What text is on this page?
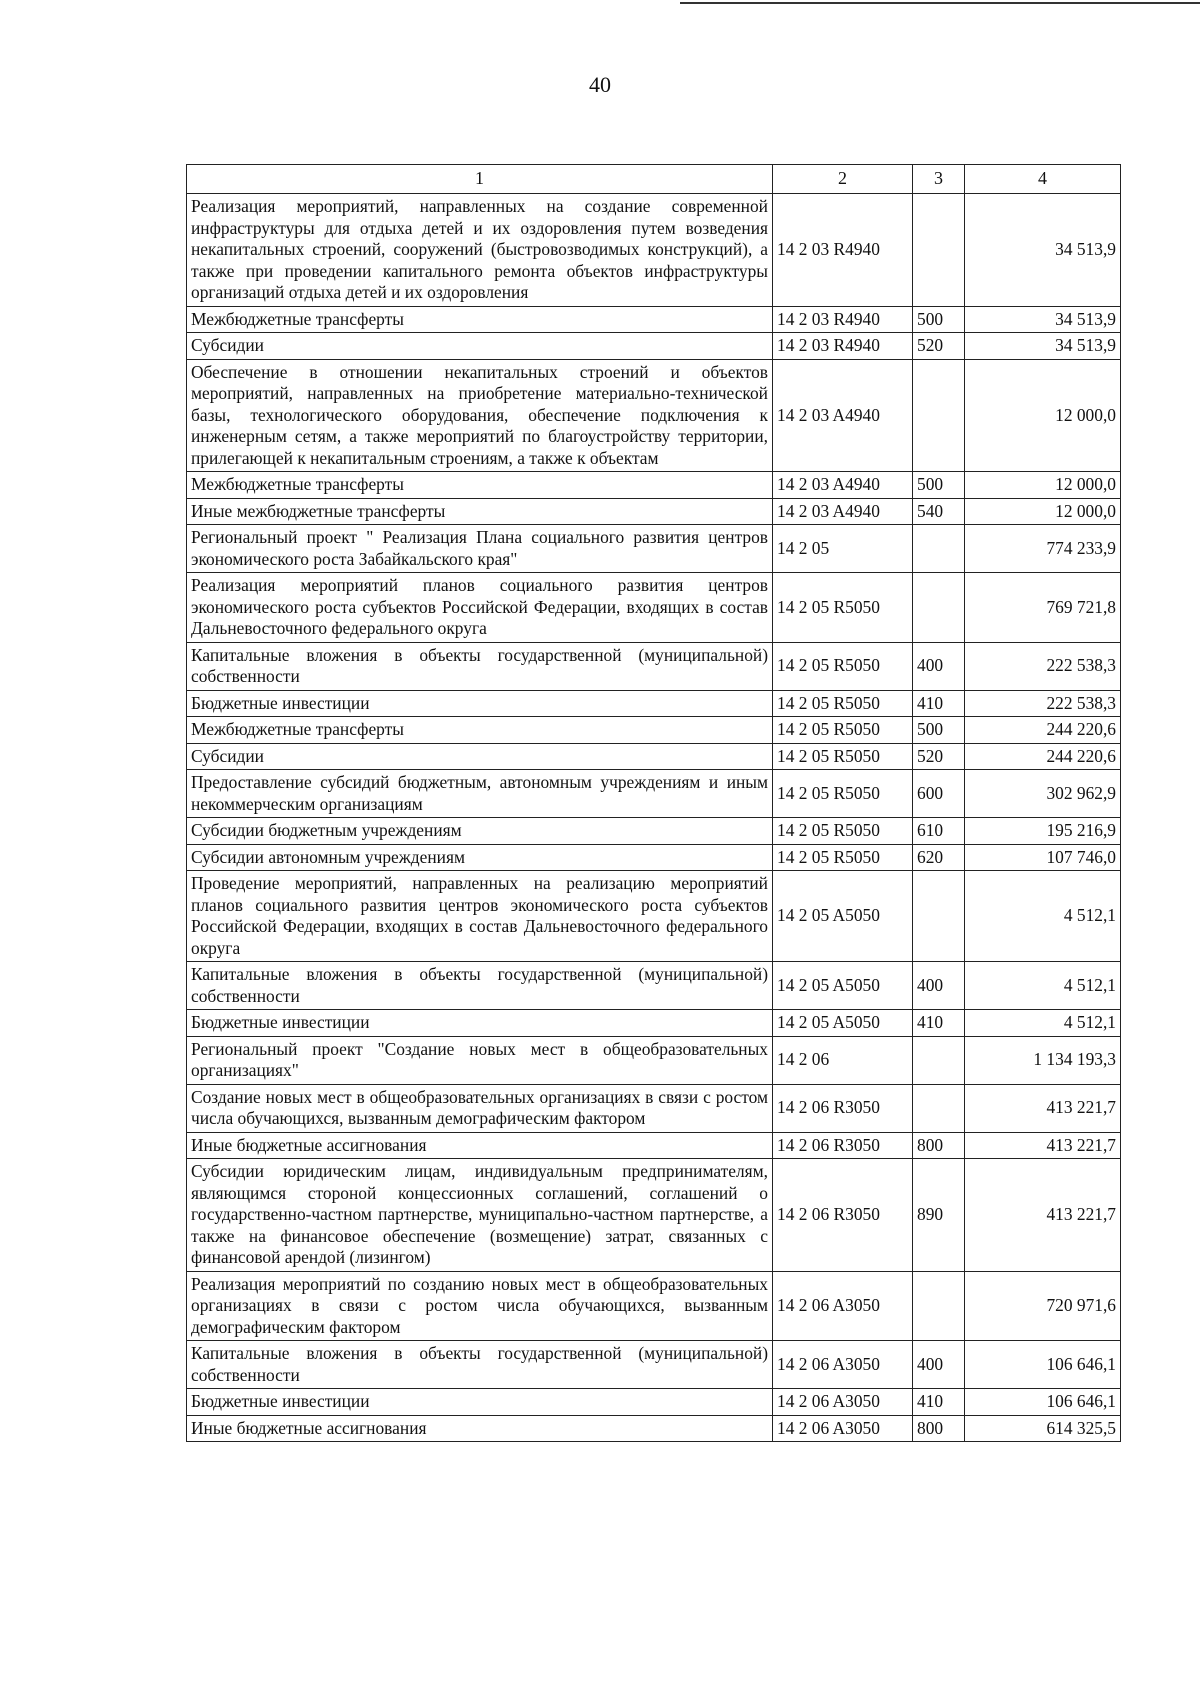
40
1	2	3	4
Реализация мероприятий, направленных на создание современной инфраструктуры для отдыха детей и их оздоровления путем возведения некапитальных строений, сооружений (быстровозводимых конструкций), а также при проведении капитального ремонта объектов инфраструктуры организаций отдыха детей и их оздоровления	14 2 03 R4940		34 513,9
Межбюджетные трансферты	14 2 03 R4940	500	34 513,9
Субсидии	14 2 03 R4940	520	34 513,9
Обеспечение в отношении некапитальных строений и объектов мероприятий, направленных на приобретение материально-технической базы, технологического оборудования, обеспечение подключения к инженерным сетям, а также мероприятий по благоустройству территории, прилегающей к некапитальным строениям, а также к объектам	14 2 03 A4940		12 000,0
Межбюджетные трансферты	14 2 03 A4940	500	12 000,0
Иные межбюджетные трансферты	14 2 03 A4940	540	12 000,0
Региональный проект " Реализация Плана социального развития центров экономического роста Забайкальского края"	14 2 05		774 233,9
Реализация мероприятий планов социального развития центров экономического роста субъектов Российской Федерации, входящих в состав Дальневосточного федерального округа	14 2 05 R5050		769 721,8
Капитальные вложения в объекты государственной (муниципальной) собственности	14 2 05 R5050	400	222 538,3
Бюджетные инвестиции	14 2 05 R5050	410	222 538,3
Межбюджетные трансферты	14 2 05 R5050	500	244 220,6
Субсидии	14 2 05 R5050	520	244 220,6
Предоставление субсидий бюджетным, автономным учреждениям и иным некоммерческим организациям	14 2 05 R5050	600	302 962,9
Субсидии бюджетным учреждениям	14 2 05 R5050	610	195 216,9
Субсидии автономным учреждениям	14 2 05 R5050	620	107 746,0
Проведение мероприятий, направленных на реализацию мероприятий планов социального развития центров экономического роста субъектов Российской Федерации, входящих в состав Дальневосточного федерального округа	14 2 05 A5050		4 512,1
Капитальные вложения в объекты государственной (муниципальной) собственности	14 2 05 A5050	400	4 512,1
Бюджетные инвестиции	14 2 05 A5050	410	4 512,1
Региональный проект "Создание новых мест в общеобразовательных организациях"	14 2 06		1 134 193,3
Создание новых мест в общеобразовательных организациях в связи с ростом числа обучающихся, вызванным демографическим фактором	14 2 06 R3050		413 221,7
Иные бюджетные ассигнования	14 2 06 R3050	800	413 221,7
Субсидии юридическим лицам, индивидуальным предпринимателям, являющимся стороной концессионных соглашений, соглашений о государственно-частном партнерстве, муниципально-частном партнерстве, а также на финансовое обеспечение (возмещение) затрат, связанных с финансовой арендой (лизингом)	14 2 06 R3050	890	413 221,7
Реализация мероприятий по созданию новых мест в общеобразовательных организациях в связи с ростом числа обучающихся, вызванным демографическим фактором	14 2 06 A3050		720 971,6
Капитальные вложения в объекты государственной (муниципальной) собственности	14 2 06 A3050	400	106 646,1
Бюджетные инвестиции	14 2 06 A3050	410	106 646,1
Иные бюджетные ассигнования	14 2 06 A3050	800	614 325,5
